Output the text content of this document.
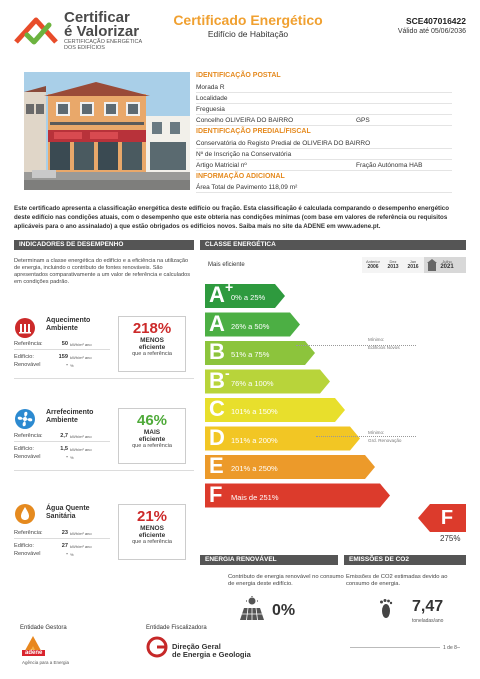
Certificar
é Valorizar
CERTIFICAÇÃO ENERGÉTICA DOS EDIFÍCIOS
Certificado Energético
Edifício de Habitação
SCE407016422
Válido até 05/06/2036
IDENTIFICAÇÃO POSTAL
Morada R
Localidade
Freguesia
Concelho OLIVEIRA DO BAIRRO	GPS
IDENTIFICAÇÃO PREDIAL/FISCAL
Conservatória do Registo Predial de OLIVEIRA DO BAIRRO
Nº de Inscrição na Conservatória
Artigo Matricial nº	Fração Autónoma HAB
INFORMAÇÃO ADICIONAL
Área Total de Pavimento 118,09 m²
Este certificado apresenta a classificação energética deste edifício ou fração. Esta classificação é calculada comparando o desempenho energético deste edifício nas condições atuais, com o desempenho que este obteria nas condições mínimas (com base em valores de referência ou requisitos aplicáveis para o ano assinalado) a que estão obrigados os edifícios novos. Saiba mais no site da ADENE em www.adene.pt.
INDICADORES DE DESEMPENHO	CLASSE ENERGÉTICA
Determinam a classe energética do edifício e a eficiência na utilização de energia, incluindo o contributo de fontes renováveis. São apresentados comparativamente a um valor de referência e calculados em condições padrão.
Aquecimento
Ambiente
Referência:	50 kWh/m² ano
Edifício:	159 kWh/m² ano
Renovável	- %
218%
MENOS
eficiente
que a referência
Arrefecimento
Ambiente
Referência:	2,7 kWh/m² ano
Edifício:	1,5 kWh/m² ano
Renovável	- %
46%
MAIS
eficiente
que a referência
Água Quente
Sanitária
Referência:	23 kWh/m² ano
Edifício:	27 kWh/m² ano
Renovável	- %
21%
MENOS
eficiente
que a referência
Mais eficiente
Anterior
2006
Dez
2013
Jan
2016
Julho
2021
A +
0% a 25%
A 26% a 50%
B 51% a 75%
B -
76% a 100%
C 101% a 150%
D 151% a 200%
E 201% a 250%
F Mais de 251%
Mínimo:
Edifícios Novos
Mínimo:
Grd. Renovação
F
275%
ENERGIA RENOVÁVEL	EMISSÕES DE CO2
Contributo de energia renovável no consumo de energia deste edifício.
Emissões de CO2 estimadas devido ao consumo de energia.
0%	7,47
toneladas/ano
Entidade Gestora
adene
Agência para a Energia
Entidade Fiscalizadora
Direção Geral
de Energia e Geologia
1 de 8
